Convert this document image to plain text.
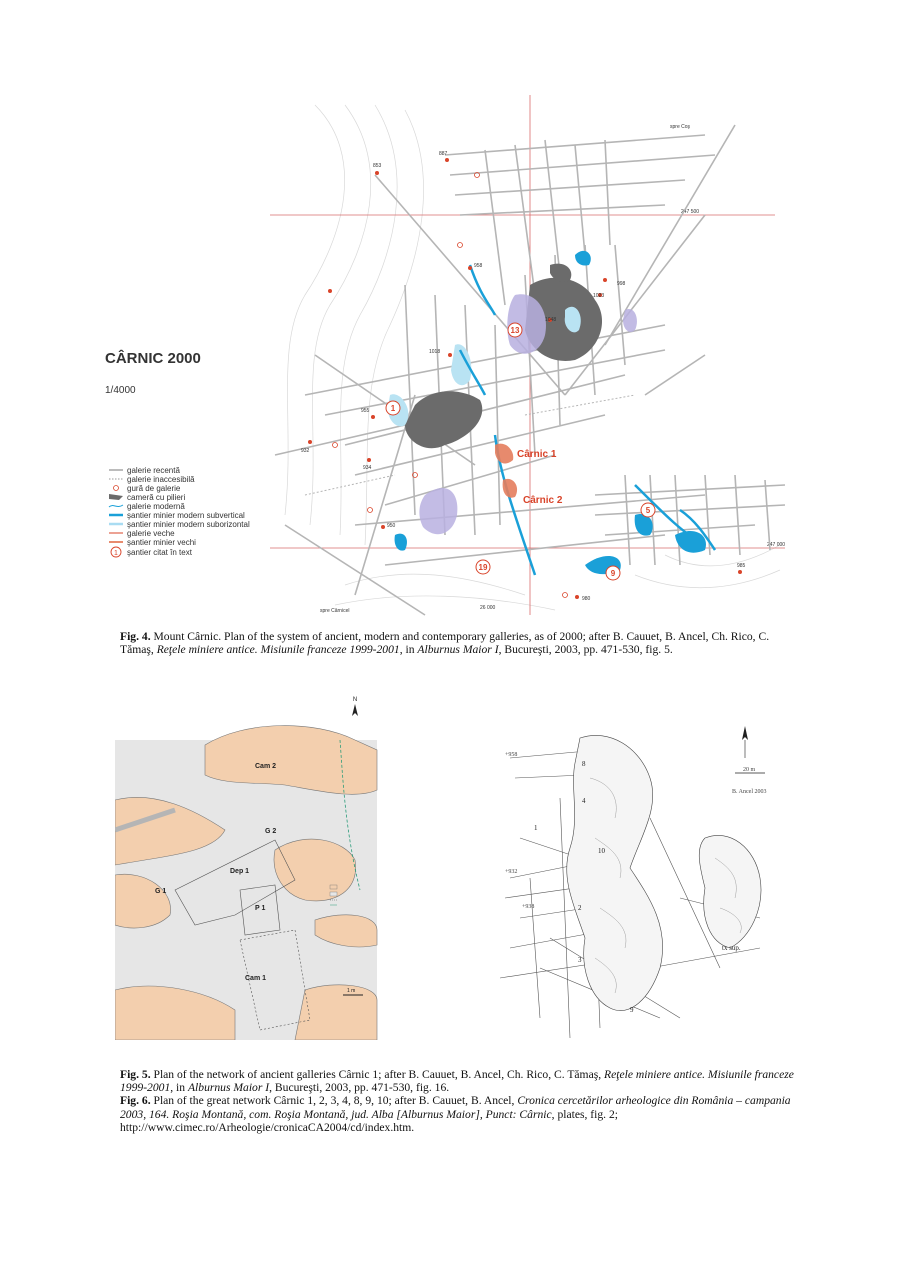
247 500
247 000
26 000
853
887
958
998
1023
1048
1018
955
932
934
950
985
980
Cârnic 1
Cârnic 2
13
1
5
9
19
spre Coş
spre Cârnicel
CÂRNIC 2000
1/4000
1
galerie recentă
galerie inaccesibilă
gură de galerie
cameră cu pilieri
galerie modernă
şantier minier modern subvertical
şantier minier modern suborizontal
galerie veche
şantier minier vechi
şantier citat în text

Fig. 4. Mount Cârnic. Plan of the system of ancient, modern and contemporary galleries, as of 2000; after B. Cauuet, B. Ancel, Ch. Rico, C. Tămaş, Reţele miniere antice. Misiunile franceze 1999-2001, in Alburnus Maior I, Bucureşti, 2003, pp. 471-530, fig. 5.

N
Cam 2
G 2
Dep 1
G 1
P 1
Cam 1
1 m
20 m
B. Ancel 2003
+958
+932
+938
8
4
1
10
2
3
9
tx sup.

Fig. 5. Plan of the network of ancient galleries Cârnic 1; after B. Cauuet, B. Ancel, Ch. Rico, C. Tămaş, Reţele miniere antice. Misiunile franceze 1999-2001, in Alburnus Maior I, Bucureşti, 2003, pp. 471-530, fig. 16.

Fig. 6. Plan of the great network Cârnic 1, 2, 3, 4, 8, 9, 10; after B. Cauuet, B. Ancel, Cronica cercetărilor arheologice din România – campania 2003, 164. Roşia Montană, com. Roşia Montană, jud. Alba [Alburnus Maior], Punct: Cârnic, plates, fig. 2; http://www.cimec.ro/Arheologie/cronicaCA2004/cd/index.htm.
